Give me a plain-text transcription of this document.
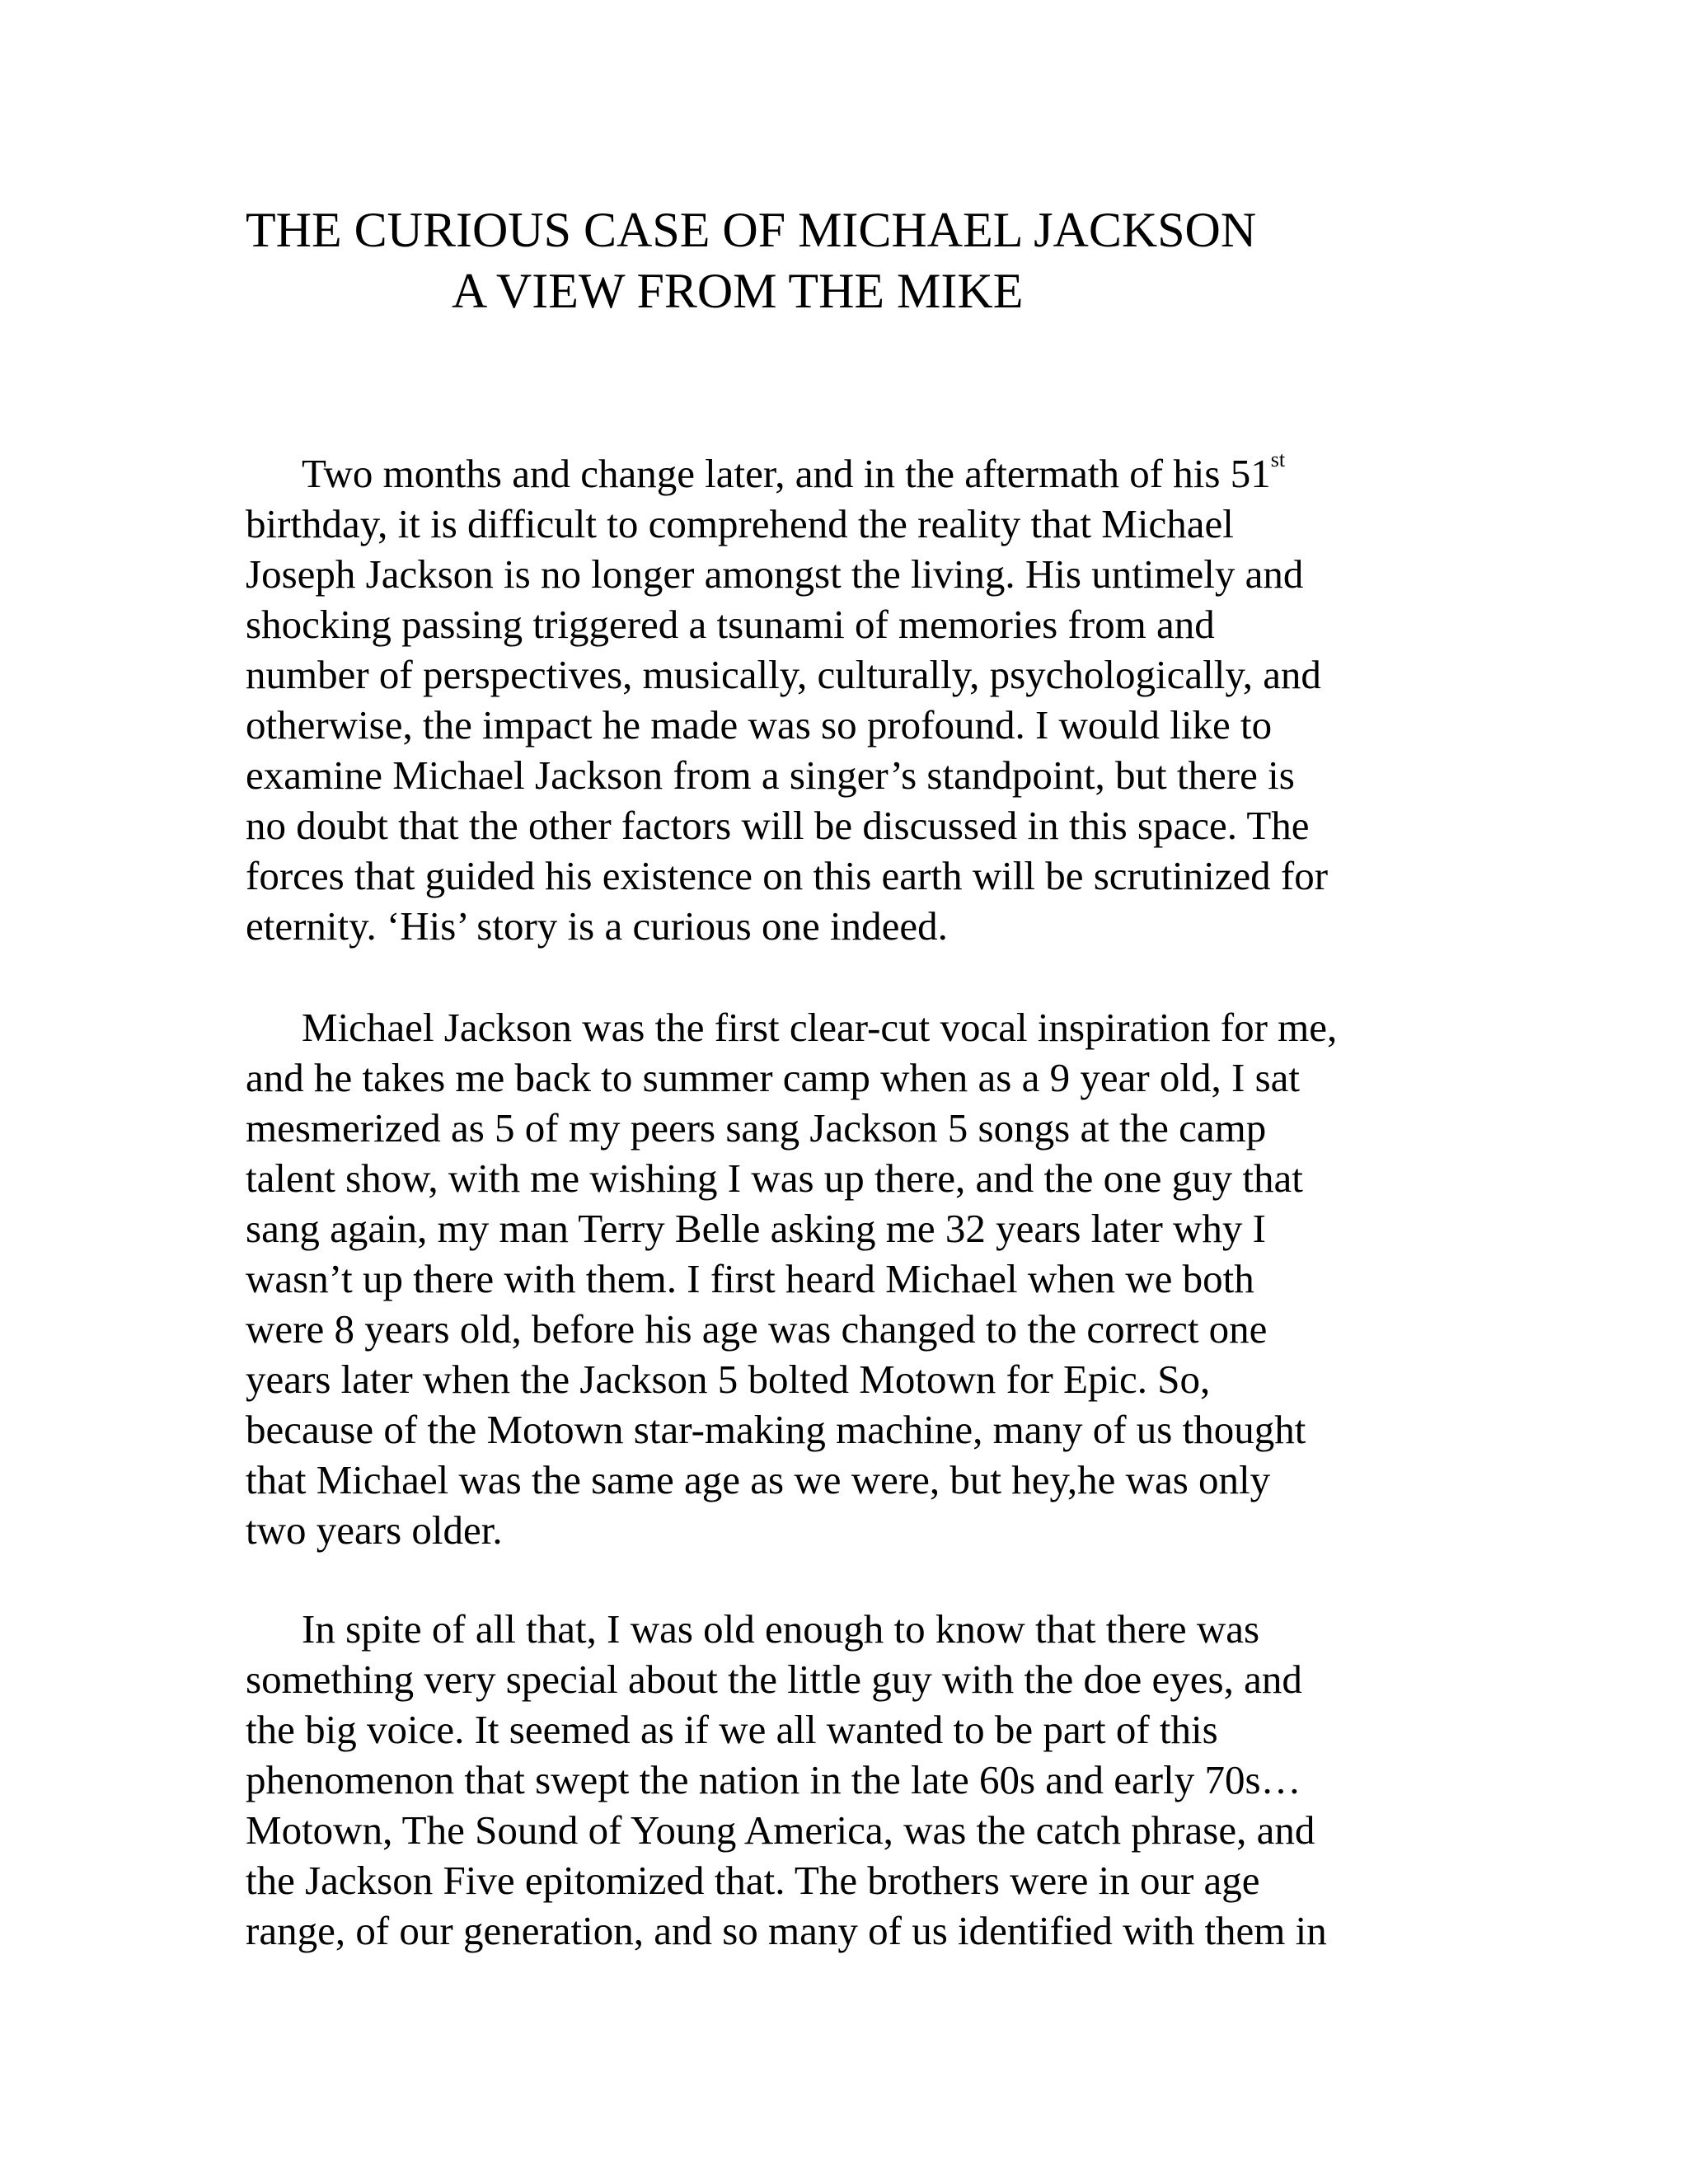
THE CURIOUS CASE OF MICHAEL JACKSON
A VIEW FROM THE MIKE
Two months and change later, and in the aftermath of his 51st
birthday, it is difficult to comprehend the reality that Michael
Joseph Jackson is no longer amongst the living. His untimely and
shocking passing triggered a tsunami of memories from and
number of perspectives, musically, culturally, psychologically, and
otherwise, the impact he made was so profound. I would like to
examine Michael Jackson from a singer’s standpoint, but there is
no doubt that the other factors will be discussed in this space. The
forces that guided his existence on this earth will be scrutinized for
eternity. ‘His’ story is a curious one indeed.
Michael Jackson was the first clear-cut vocal inspiration for me,
and he takes me back to summer camp when as a 9 year old, I sat
mesmerized as 5 of my peers sang Jackson 5 songs at the camp
talent show, with me wishing I was up there, and the one guy that
sang again, my man Terry Belle asking me 32 years later why I
wasn’t up there with them. I first heard Michael when we both
were 8 years old, before his age was changed to the correct one
years later when the Jackson 5 bolted Motown for Epic. So,
because of the Motown star-making machine, many of us thought
that Michael was the same age as we were, but hey,he was only
two years older.
In spite of all that, I was old enough to know that there was
something very special about the little guy with the doe eyes, and
the big voice. It seemed as if we all wanted to be part of this
phenomenon that swept the nation in the late 60s and early 70s…
Motown, The Sound of Young America, was the catch phrase, and
the Jackson Five epitomized that. The brothers were in our age
range, of our generation, and so many of us identified with them in
